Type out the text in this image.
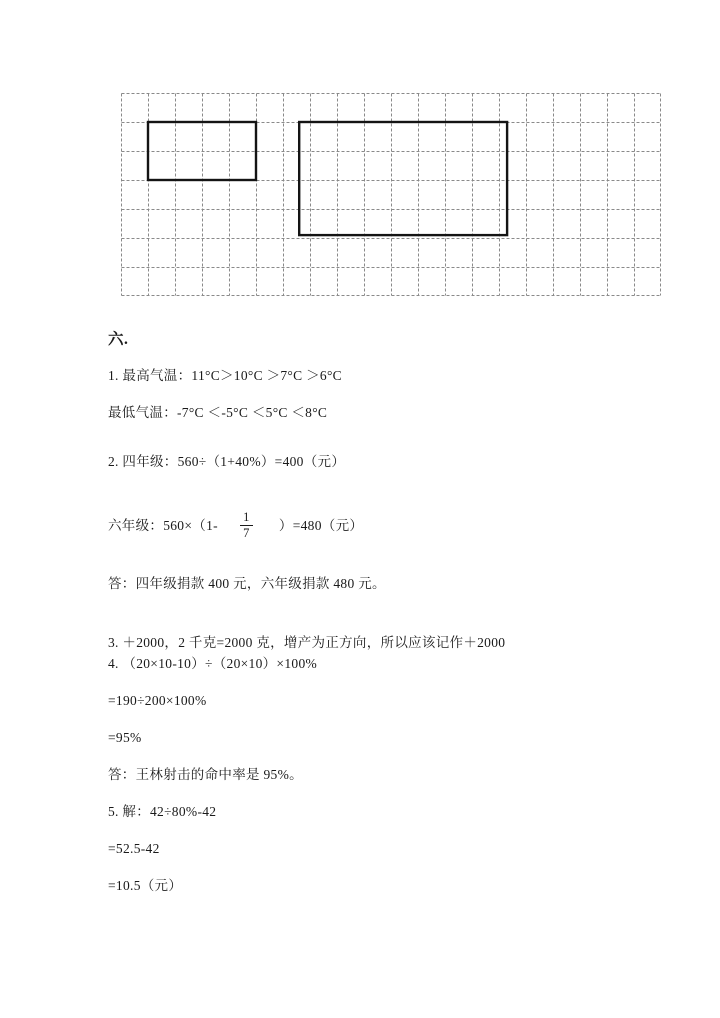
六.

1. 最高气温：11°C＞10°C ＞7°C ＞6°C

最低气温：-7°C ＜-5°C ＜5°C ＜8°C

2. 四年级：560÷（1+40%）=400（元）

六年级：$560\times(1- \frac{1}{7} )=480$（元）

答：四年级捐款 400 元，六年级捐款 480 元。

3. ＋2000，2 千克=2000 克，增产为正方向，所以应该记作＋2000

4. （20×10-10）÷（20×10）×100%

=190÷200×100%

=95%

答：王林射击的命中率是 95%。

5. 解：42÷80%-42

=52.5-42

=10.5（元）
